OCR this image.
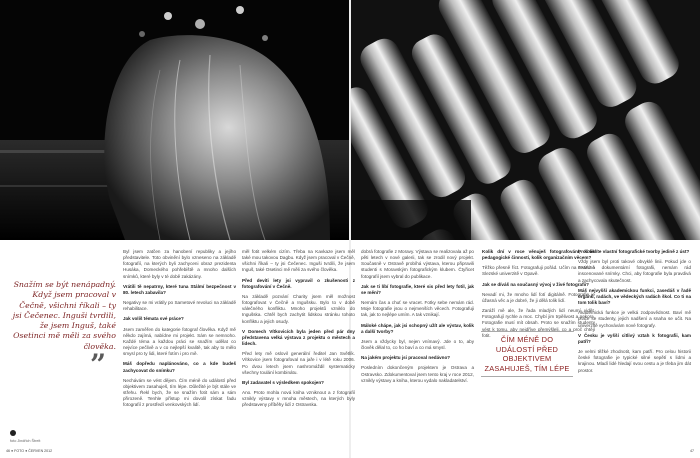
Snažím se být nenápadný. Když jsem pracoval v Čečně, všichni říkali – ty jsi Čečenec. Inguši tvrdili, že jsem Inguš, také Osetinci mě měli za svého člověka.
”

foto Jindřich Štreit

Byl jsem zatčen za hanobení republiky a jejího představitele. Toto obvinění bylo vzneseno na základě fotografií, na kterých byli zachyceni obraz prezidenta Husáka, Domeckého pohřebiště a mnoho dalších snímků, které byly v té době zakázány.

Vrátili tě nepatrny, které tuna Stálmí bezpečnost v 80. letech zabavila?

Negativy se mi vrátily po Sametové revoluci na základě rehabilitace.

Jak volíš témata své práce?

Jsem zaměřen do kategorie fotograf člověka. Když mě někdo zajímá, nabídne mi projekt. Sám se nemnoho. Každé téma a každou práci se snažím udělat co nejvíce pečlivě a v co nejlepší kvalitě, tak aby to mělo smysl pro ty lidi, které fotím i pro mě.

Máš dopředu naplánováno, co a kde budeš zachycovat do snímku?

Nechávám se vést dějem. Čím méně do událostí před objektivem zasahuješ, tím lépe. Důležité je být stále ve střehu. Řekl bych, že se snažím fotit sám a sám přirozeně. Tenhle přístup mi dovolil získat řadu fotografií z prostředí venkovských lidí.

měl fotit velkém cizím. Třeba na Kavkaze jsem měl také mou takovou Dagbu. Když jsem pracoval v Čečně, všichni říkali – ty jsi Čečenec. Inguši tvrdili, že jsem Inguš, také Osetinci mě měli za svého člověka.

Před devíti lety jsi vypravil o zkušenosti z fotografování v Čečně.

Na základě pozvání Charity jsem měl možnost fotografovat v Čečně a Ingušsku. Bylo to v době válečného konfliktu. Mnoho projektů vzniklo do Ingušska. Chtěl bych zachytit lidskou stránku tohoto konfliktu a jejich osudy.

V Domech Vítkovicích byla jeden před pár dny představena velká výstava z projektu o městech a lidech.

Před lety mě oslovil generální ředitel Jan Světlík. Vítkovice jsem fotografoval na jaře i v létě roku 2006. Po dvou letech jsem nashromáždil systematicky všechny toulání kombinátu.

Byl zadavatel s výsledkem spokojen?

Ano. Proto mohla nová kniha vzniknout a z fotografií vznikly výstavy v mnoha městech, na kterých byly představeny příběhy lidí z Ostravska.

dobrá fotografie z Moravy. Výstava se realizovala až po pěti letech v nové galerii, tak se zrodil nový projekt. Současně v Ostravě probíhá výstava, kterou připravili studenti s Moravským fotografickým klubem. Čtyřicet fotografií jsem vybral do publikace.

Jak se ti líbí fotografie, které sis před lety fotil, jak se mění?

Nemám čas a chuť se vracet. Fotky sebe nemám rád. Moje fotografie jsou o nejmenších věcech. Fotografuji tak, jak to nejlépe umím. A tak vznikají.

Máloké chápe, jak jsi schopný užít ale výstav, kolik a další tvorby?

Jsem a vždycky byl, nejen vnímavý. Jde o to, aby člověk dělal to, co ho baví a co má smysl.

Na jakém projektu jsi pracoval nedávno?

Posledním dokončeným projektem je Ostrava a Ostravsko. Zdokumentoval jsem tento kraj v roce 2012, vznikly výstavy a kniha, kterou vydalo nakladatelství.

Kolik dní v roce věnuješ fotografování, kolik pedagogické činnosti, kolik organizačním věcem?

Těžko přesně říct. Fotografuji pořád. Učím na FAMU a Slezské univerzitě v Opavě.

Jak se díváš na současný vývoj v živé fotografii?

Nevadí mi, že mnoho lidí fotí digitálně. Fotografie je úžasná věc a je dobré, že ji dělá tolik lidí.

Zaráží mě ale, že řada mladých lidí neumí vidět. Fotografují rychle a moc. Chybí jim trpělivost a pokora. Fotografie musí mít obsah. Proto se snažím studenty vést k tomu, aby nejdříve přemýšleli, co a proč chtějí fotit.

Proč volíte vlastní fotografické tvorby jedině z úst?

Vždy jsem byl proti takové obvyklé linii. Pokud jde o sociálně dokumentární fotografii, nemám rád inscenované snímky. Chci, aby fotografie byla pravdivá a zachycovala skutečnost.

Máš nejvyšší akademickou funkci, zasedáš v řadě orgánů, radách, ve vědeckých radách škol. Co ti na tom tolik baví?

Akademická funkce je velká zodpovědnost. Baví mě práce se studenty, jejich nadšení a snaha se učit. Na univerzitě vychovávám nové fotografy.

V Česku je vyšší citlivý vztah k fotografii, kam patří?

Je velmi těžké zhodnotit, kam patří. Pro celou historii české fotografie je typické silné sepětí s lidmi a krajinou. Mladí lidé hledají svou cestu a je třeba jim dát prostor.

ČÍM MÉNĚ DO UDÁLOSTÍ PŘED OBJEKTIVEM ZASAHUJEŠ, TÍM LÉPE
46 ● FOTO ● ČERVEN 2012	47
